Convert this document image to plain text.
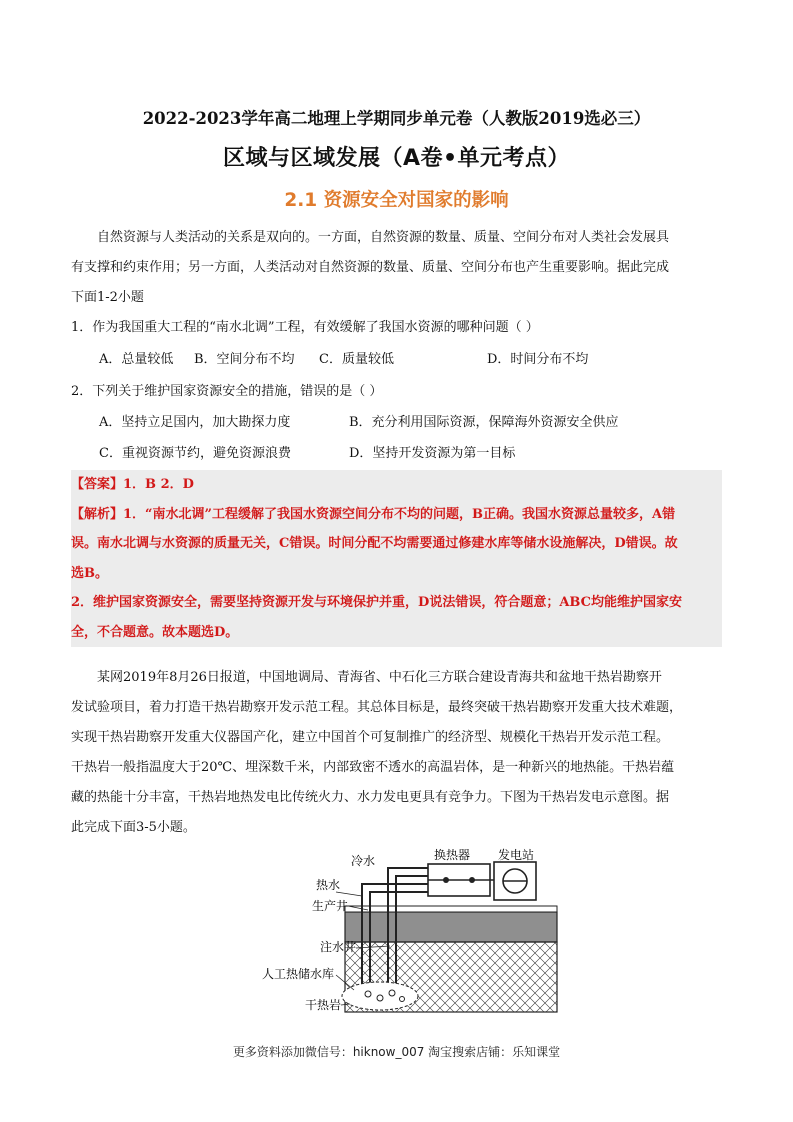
2022-2023学年高二地理上学期同步单元卷（人教版2019选必三）
区域与区域发展（A卷•单元考点）
2.1 资源安全对国家的影响
自然资源与人类活动的关系是双向的。一方面，自然资源的数量、质量、空间分布对人类社会发展具
有支撑和约束作用；另一方面，人类活动对自然资源的数量、质量、空间分布也产生重要影响。据此完成
下面1-2小题
1．作为我国重大工程的“南水北调”工程，有效缓解了我国水资源的哪种问题（ ）
A．总量较低 B．空间分布不均 C．质量较低	D．时间分布不均
2．下列关于维护国家资源安全的措施，错误的是（ ）
A．坚持立足国内，加大勘探力度	B．充分利用国际资源，保障海外资源安全供应
C．重视资源节约，避免资源浪费	D．坚持开发资源为第一目标
【答案】1．B 2．D
【解析】1．“南水北调”工程缓解了我国水资源空间分布不均的问题，B正确。我国水资源总量较多，A错
误。南水北调与水资源的质量无关，C错误。时间分配不均需要通过修建水库等储水设施解决，D错误。故
选B。
2．维护国家资源安全，需要坚持资源开发与环境保护并重，D说法错误，符合题意；ABC均能维护国家安
全，不合题意。故本题选D。
某网2019年8月26日报道，中国地调局、青海省、中石化三方联合建设青海共和盆地干热岩勘察开
发试验项目，着力打造干热岩勘察开发示范工程。其总体目标是，最终突破干热岩勘察开发重大技术难题，
实现干热岩勘察开发重大仪器国产化，建立中国首个可复制推广的经济型、规模化干热岩开发示范工程。
干热岩一般指温度大于20℃、埋深数千米，内部致密不透水的高温岩体，是一种新兴的地热能。干热岩蕴
藏的热能十分丰富，干热岩地热发电比传统火力、水力发电更具有竞争力。下图为干热岩发电示意图。据
此完成下面3-5小题。
冷水	换热器 发电站
热水
生产井
注水井
人工热储水库
干热岩
更多资料添加微信号：hiknow_007 淘宝搜索店铺：乐知课堂
